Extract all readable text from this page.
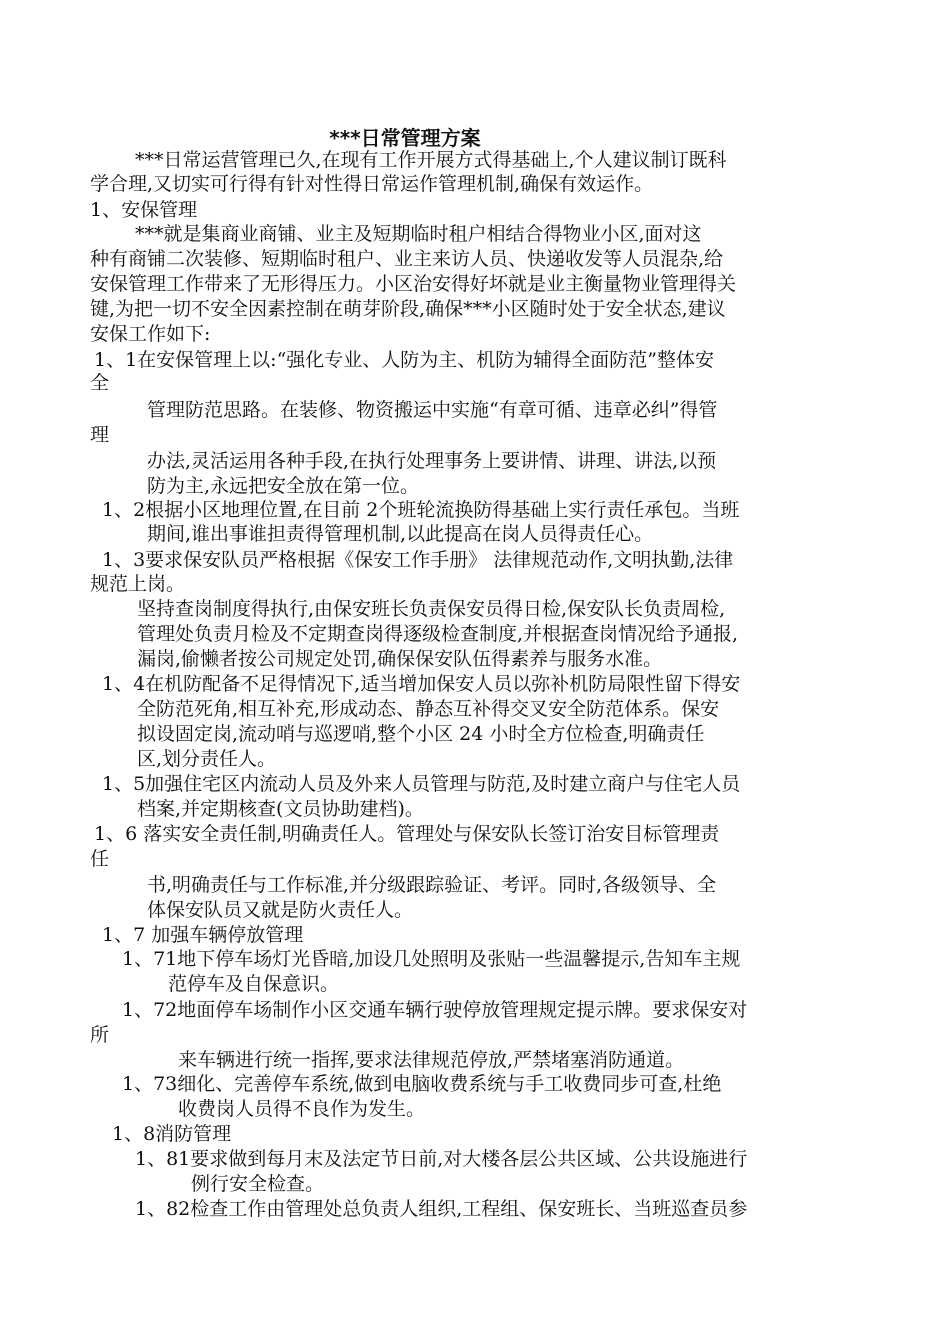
***日常管理方案
***日常运营管理已久,在现有工作开展方式得基础上,个人建议制订既科
学合理,又切实可行得有针对性得日常运作管理机制,确保有效运作。
1、安保管理
***就是集商业商铺、业主及短期临时租户相结合得物业小区,面对这
种有商铺二次装修、短期临时租户、业主来访人员、快递收发等人员混杂,给
安保管理工作带来了无形得压力。小区治安得好坏就是业主衡量物业管理得关
键,为把一切不安全因素控制在萌芽阶段,确保***小区随时处于安全状态,建议
安保工作如下:
1、1在安保管理上以:“强化专业、人防为主、机防为辅得全面防范”整体安
全
管理防范思路。在装修、物资搬运中实施“有章可循、违章必纠”得管
理
办法,灵活运用各种手段,在执行处理事务上要讲情、讲理、讲法,以预
防为主,永远把安全放在第一位。
1、2根据小区地理位置,在目前 2个班轮流换防得基础上实行责任承包。当班
期间,谁出事谁担责得管理机制,以此提高在岗人员得责任心。
1、3要求保安队员严格根据《保安工作手册》 法律规范动作,文明执勤,法律
规范上岗。
坚持查岗制度得执行,由保安班长负责保安员得日检,保安队长负责周检,
管理处负责月检及不定期查岗得逐级检查制度,并根据查岗情况给予通报,
漏岗,偷懒者按公司规定处罚,确保保安队伍得素养与服务水准。
1、4在机防配备不足得情况下,适当增加保安人员以弥补机防局限性留下得安
全防范死角,相互补充,形成动态、静态互补得交叉安全防范体系。保安
拟设固定岗,流动哨与巡逻哨,整个小区 24 小时全方位检查,明确责任
区,划分责任人。
1、5加强住宅区内流动人员及外来人员管理与防范,及时建立商户与住宅人员
档案,并定期核查(文员协助建档)。
1、6 落实安全责任制,明确责任人。管理处与保安队长签订治安目标管理责
任
书,明确责任与工作标准,并分级跟踪验证、考评。同时,各级领导、全
体保安队员又就是防火责任人。
1、7 加强车辆停放管理
1、71地下停车场灯光昏暗,加设几处照明及张贴一些温馨提示,告知车主规
范停车及自保意识。
1、72地面停车场制作小区交通车辆行驶停放管理规定提示牌。要求保安对
所
来车辆进行统一指挥,要求法律规范停放,严禁堵塞消防通道。
1、73细化、完善停车系统,做到电脑收费系统与手工收费同步可查,杜绝
收费岗人员得不良作为发生。
1、8消防管理
1、81要求做到每月末及法定节日前,对大楼各层公共区域、公共设施进行
例行安全检查。
1、82检查工作由管理处总负责人组织,工程组、保安班长、当班巡查员参
